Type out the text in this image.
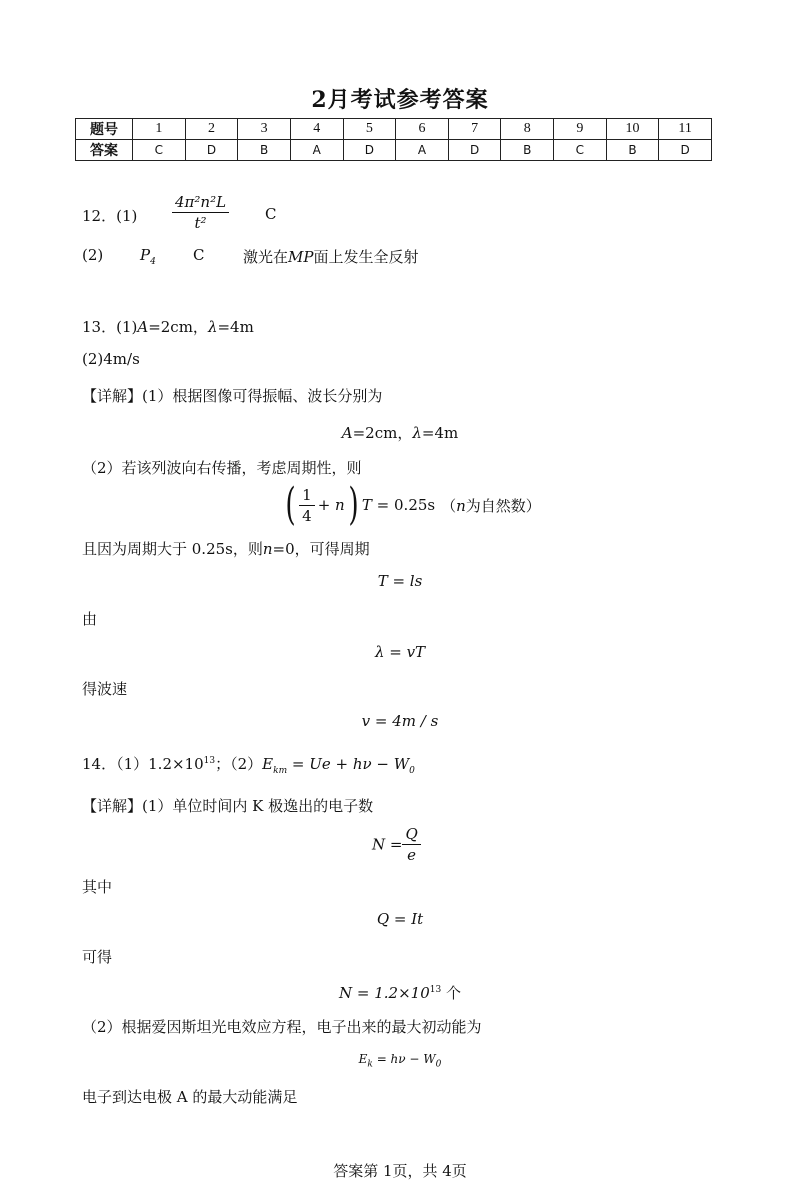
2月考试参考答案
题号	1	2	3	4	5	6	7	8	9	10	11
答案	C	D	B	A	D	A	D	B	C	B	D
12．$(1) \frac{\text{4π²n²L}}{\text{t²}}$ C
(2) $P_4$ C	激光在MP面上发生全反射
13．(1)A=2cm，λ=4m
(2)4m/s
【详解】(1）根据图像可得振幅、波长分别为
A=2cm，λ=4m
（2）若该列波向右传播，考虑周期性，则
( $\frac{1}{4} + n$) T = 0.25s （n为自然数）
且因为周期大于 0.25s，则n=0，可得周期
T = ls
由
λ = vT
得波速
v = 4m / s
14．$(1)1.2\times 10^{13}$；$(2)E_{km} = Ue + h\nu - W_0$
【详解】(1）单位时间内 K 极逸出的电子数
$N = \frac{Q}{e}$
其中
Q = It
可得
$N = 1.2\times 10^{13}$ 个
（2）根据爱因斯坦光电效应方程，电子出来的最大初动能为
$E_k = h\nu - W_0$
电子到达电极 A 的最大动能满足
答案第 1页，共 4页
